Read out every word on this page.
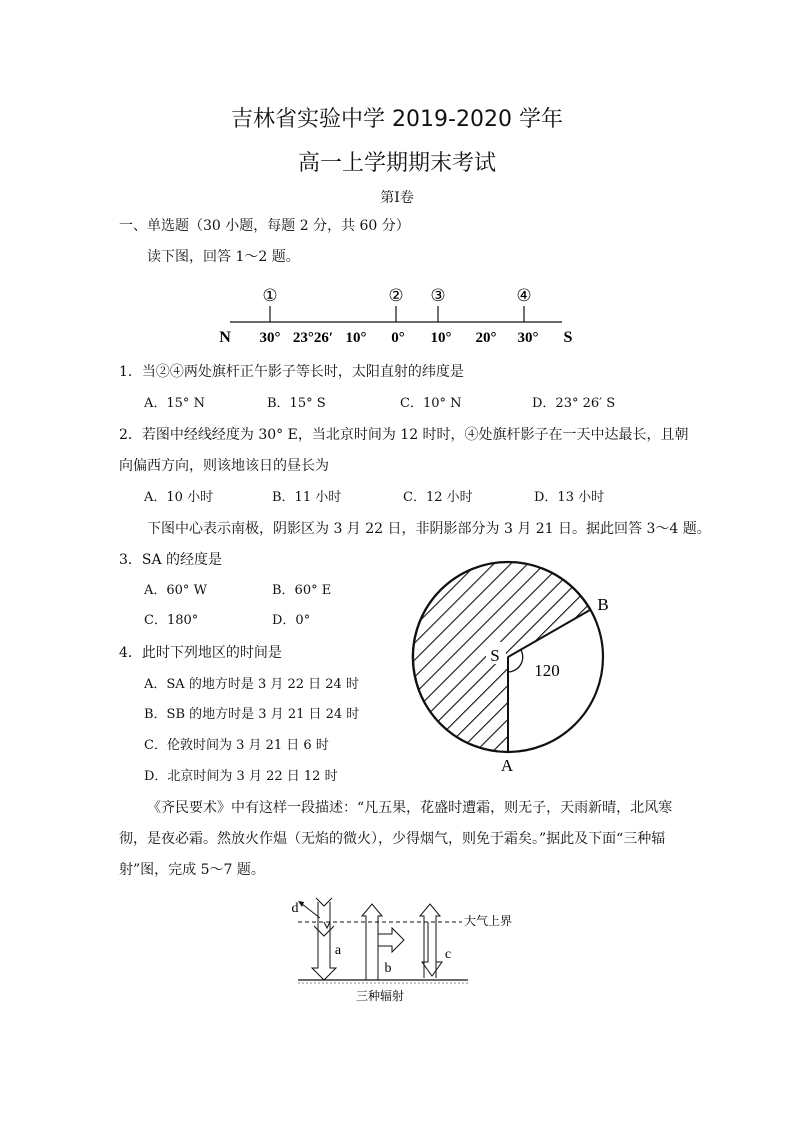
吉林省实验中学 2019-2020 学年
高一上学期期末考试
第Ⅰ卷
一、单选题（30 小题，每题 2 分，共 60 分）
读下图，回答 1～2 题。
①	② ③	④
N	S
30° 23°26′ 10° 0° 10° 20° 30°
1．当②④两处旗杆正午影子等长时，太阳直射的纬度是
A．15° N	B．15° S	C．10° N	D．23° 26′ S
2．若图中经线经度为 30° E，当北京时间为 12 时时，④处旗杆影子在一天中达最长，且朝
向偏西方向，则该地该日的昼长为
A．10 小时	B．11 小时	C．12 小时	D．13 小时
下图中心表示南极，阴影区为 3 月 22 日，非阴影部分为 3 月 21 日。据此回答 3～4 题。
3．SA 的经度是
A．60° W	B．60° E
C．180°	D．0°
4．此时下列地区的时间是
A．SA 的地方时是 3 月 22 日 24 时
B．SB 的地方时是 3 月 21 日 24 时
C．伦敦时间为 3 月 21 日 6 时
D．北京时间为 3 月 22 日 12 时
S
120
B
A
《齐民要术》中有这样一段描述：“凡五果，花盛时遭霜，则无子，天雨新晴，北风寒
彻，是夜必霜。然放火作煴（无焰的微火），少得烟气，则免于霜矣。”据此及下面“三种辐
射”图，完成 5～7 题。
d
a
b
c
大气上界
三种辐射
